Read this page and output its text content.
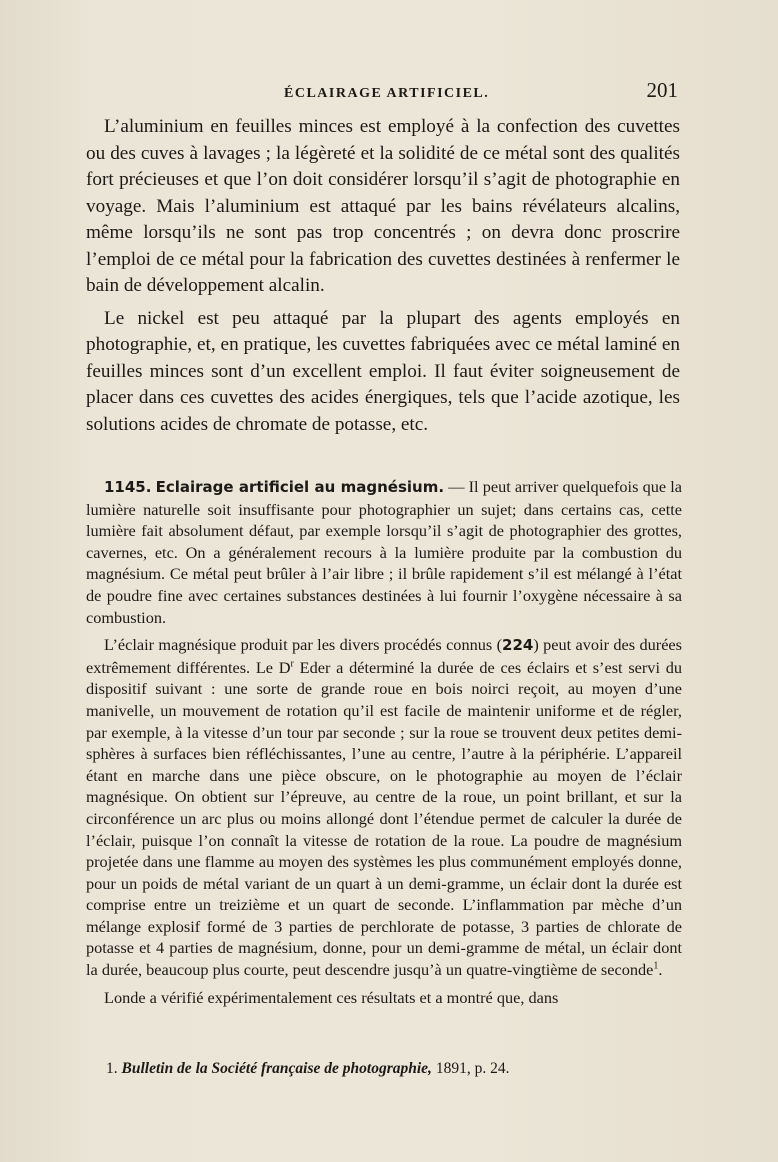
ÉCLAIRAGE ARTIFICIEL.	201

L’aluminium en feuilles minces est employé à la confection des cuvettes ou des cuves à lavages ; la légèreté et la solidité de ce métal sont des qualités fort précieuses et que l’on doit considérer lorsqu’il s’agit de photographie en voyage. Mais l’aluminium est attaqué par les bains révélateurs alcalins, même lorsqu’ils ne sont pas trop concentrés ; on devra donc proscrire l’emploi de ce métal pour la fabrication des cuvettes destinées à renfermer le bain de développement alcalin.

Le nickel est peu attaqué par la plupart des agents employés en photographie, et, en pratique, les cuvettes fabriquées avec ce métal laminé en feuilles minces sont d’un excellent emploi. Il faut éviter soigneusement de placer dans ces cuvettes des acides énergiques, tels que l’acide azotique, les solutions acides de chromate de potasse, etc.

1145. Eclairage artificiel au magnésium. — Il peut arriver quelquefois que la lumière naturelle soit insuffisante pour photographier un sujet; dans certains cas, cette lumière fait absolument défaut, par exemple lorsqu’il s’agit de photographier des grottes, cavernes, etc. On a généralement recours à la lumière produite par la combustion du magnésium. Ce métal peut brûler à l’air libre ; il brûle rapidement s’il est mélangé à l’état de poudre fine avec certaines substances destinées à lui fournir l’oxygène nécessaire à sa combustion.

L’éclair magnésique produit par les divers procédés connus (224) peut avoir des durées extrêmement différentes. Le $D^r$ Eder a déterminé la durée de ces éclairs et s’est servi du dispositif suivant : une sorte de grande roue en bois noirci reçoit, au moyen d’une manivelle, un mouvement de rotation qu’il est facile de maintenir uniforme et de régler, par exemple, à la vitesse d’un tour par seconde ; sur la roue se trouvent deux petites demi-sphères à surfaces bien réfléchissantes, l’une au centre, l’autre à la périphérie. L’appareil étant en marche dans une pièce obscure, on le photographie au moyen de l’éclair magnésique. On obtient sur l’épreuve, au centre de la roue, un point brillant, et sur la circonférence un arc plus ou moins allongé dont l’étendue permet de calculer la durée de l’éclair, puisque l’on connaît la vitesse de rotation de la roue. La poudre de magnésium projetée dans une flamme au moyen des systèmes les plus communément employés donne, pour un poids de métal variant de un quart à un demi-gramme, un éclair dont la durée est comprise entre un treizième et un quart de seconde. L’inflammation par mèche d’un mélange explosif formé de 3 parties de perchlorate de potasse, 3 parties de chlorate de potasse et 4 parties de magnésium, donne, pour un demi-gramme de métal, un éclair dont la durée, beaucoup plus courte, peut descendre jusqu’à un quatre-vingtième de seconde$^1$.

Londe a vérifié expérimentalement ces résultats et a montré que, dans

1. Bulletin de la Société française de photographie, 1891, p. 24.
